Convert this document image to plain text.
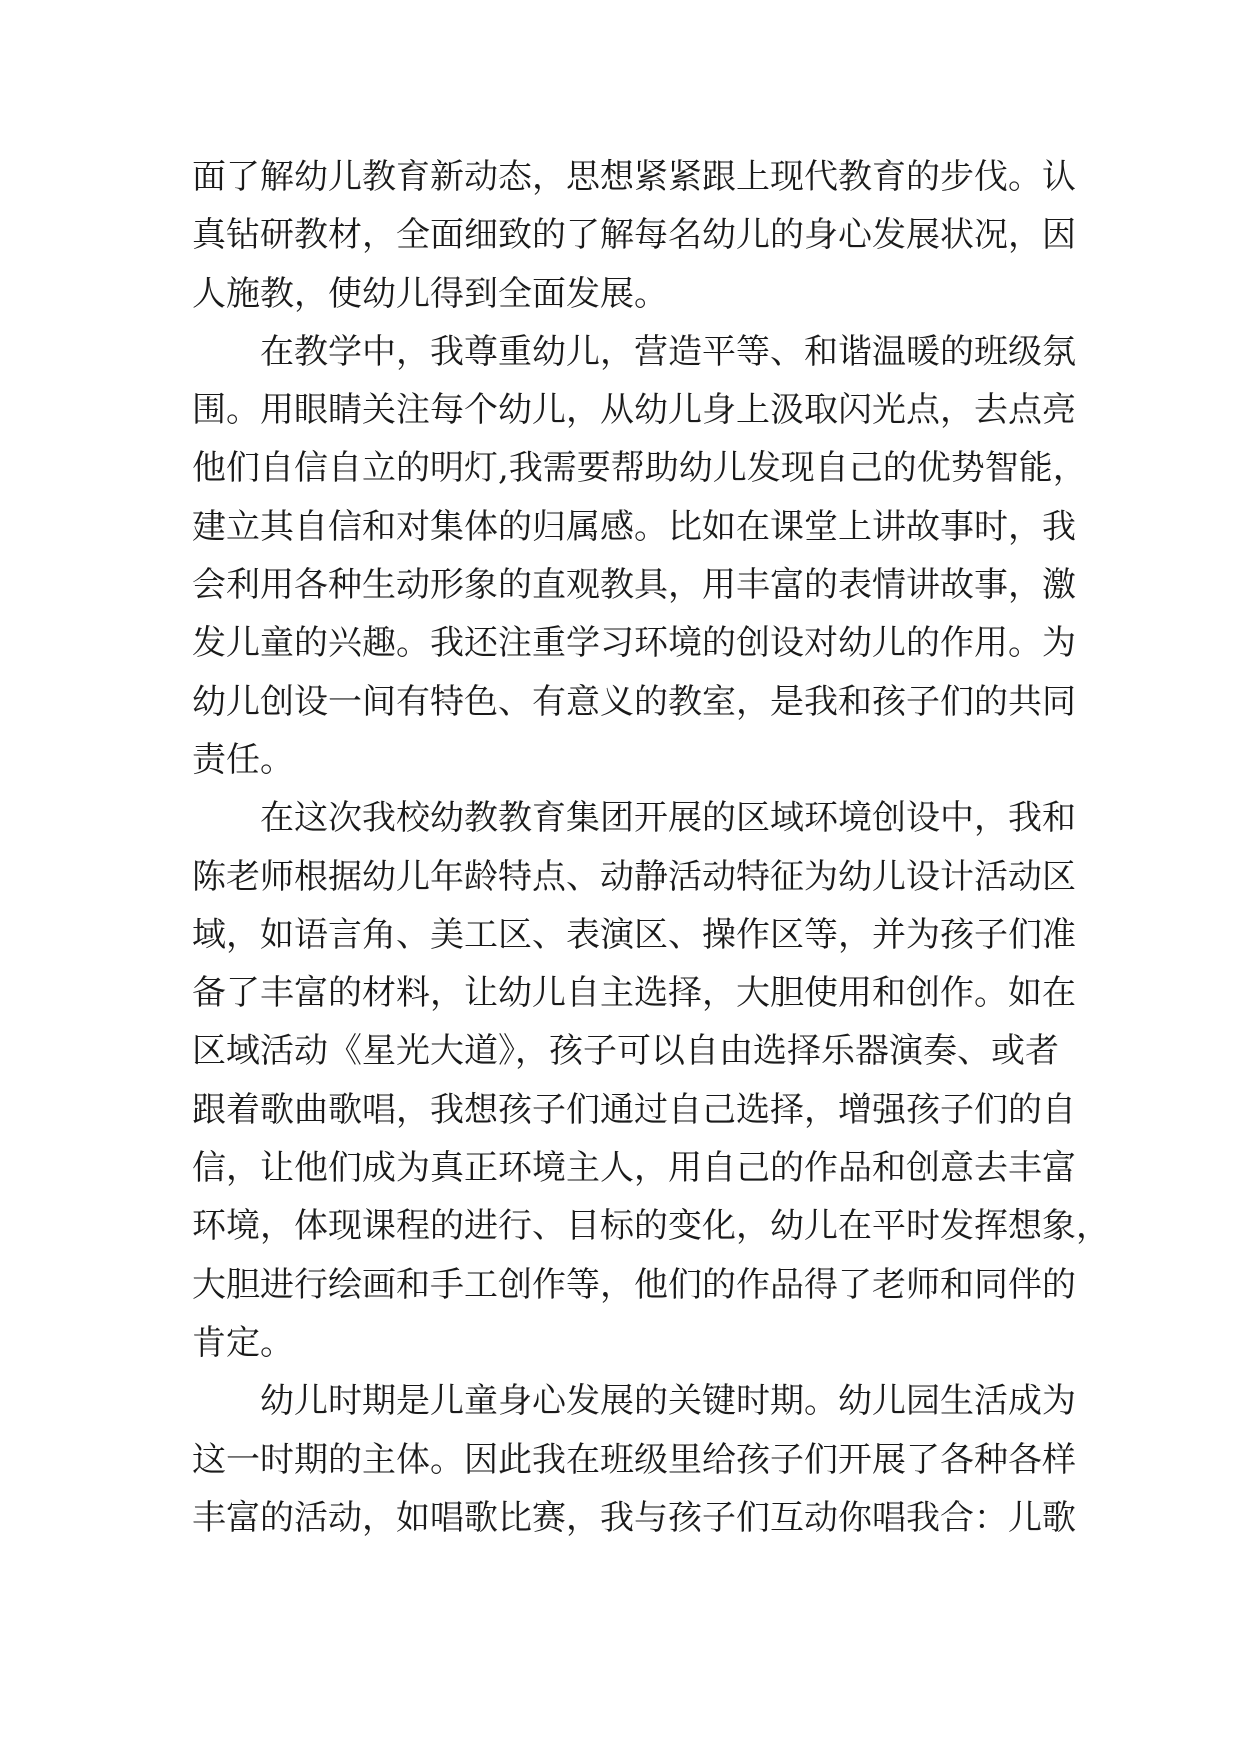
面了解幼儿教育新动态，思想紧紧跟上现代教育的步伐。认
真钻研教材，全面细致的了解每名幼儿的身心发展状况，因
人施教，使幼儿得到全面发展。
在教学中，我尊重幼儿，营造平等、和谐温暖的班级氛
围。用眼睛关注每个幼儿，从幼儿身上汲取闪光点，去点亮
他们自信自立的明灯,我需要帮助幼儿发现自己的优势智能，
建立其自信和对集体的归属感。比如在课堂上讲故事时，我
会利用各种生动形象的直观教具，用丰富的表情讲故事，激
发儿童的兴趣。我还注重学习环境的创设对幼儿的作用。为
幼儿创设一间有特色、有意义的教室，是我和孩子们的共同
责任。
在这次我校幼教教育集团开展的区域环境创设中，我和
陈老师根据幼儿年龄特点、动静活动特征为幼儿设计活动区
域，如语言角、美工区、表演区、操作区等，并为孩子们准
备了丰富的材料，让幼儿自主选择，大胆使用和创作。如在
区域活动《星光大道》，孩子可以自由选择乐器演奏、或者
跟着歌曲歌唱，我想孩子们通过自己选择，增强孩子们的自
信，让他们成为真正环境主人，用自己的作品和创意去丰富
环境，体现课程的进行、目标的变化，幼儿在平时发挥想象，
大胆进行绘画和手工创作等，他们的作品得了老师和同伴的
肯定。
幼儿时期是儿童身心发展的关键时期。幼儿园生活成为
这一时期的主体。因此我在班级里给孩子们开展了各种各样
丰富的活动，如唱歌比赛，我与孩子们互动你唱我合：儿歌
